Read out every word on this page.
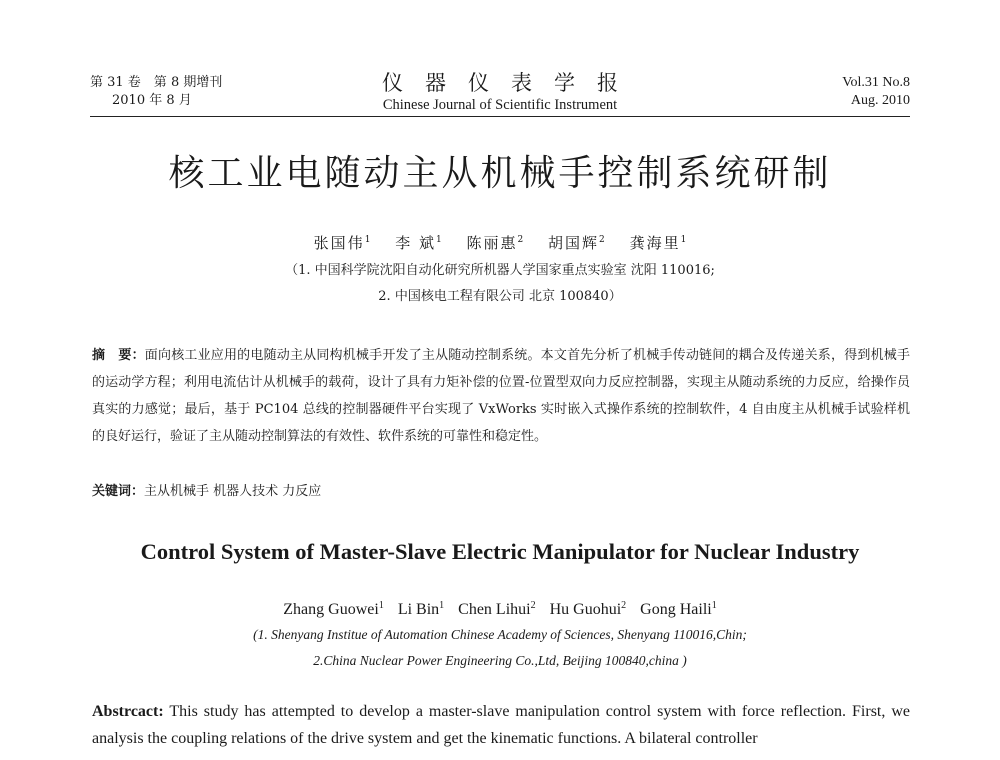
第 31 卷　第 8 期增刊
2010 年 8 月
仪器仪表学报
Chinese Journal of Scientific Instrument
Vol.31 No.8
Aug. 2010
核工业电随动主从机械手控制系统研制
张国伟$^1$ 李 斌$^1$ 陈丽惠$^2$ 胡国辉$^2$ 龚海里$^1$
（1. 中国科学院沈阳自动化研究所机器人学国家重点实验室 沈阳 110016;
2. 中国核电工程有限公司 北京 100840）
摘　要：面向核工业应用的电随动主从同构机械手开发了主从随动控制系统。本文首先分析了机械手传动链间的耦合及传递关系，得到机械手的运动学方程；利用电流估计从机械手的载荷，设计了具有力矩补偿的位置-位置型双向力反应控制器，实现主从随动系统的力反应，给操作员真实的力感觉；最后，基于 PC104 总线的控制器硬件平台实现了 VxWorks 实时嵌入式操作系统的控制软件，4 自由度主从机械手试验样机的良好运行，验证了主从随动控制算法的有效性、软件系统的可靠性和稳定性。
关键词：主从机械手 机器人技术 力反应
Control System of Master-Slave Electric Manipulator for Nuclear Industry
Zhang Guowei$^1$ Li Bin$^1$ Chen Lihui$^2$ Hu Guohui$^2$ Gong Haili$^1$
(1. Shenyang Institue of Automation Chinese Academy of Sciences, Shenyang 110016,Chin;
2.China Nuclear Power Engineering Co.,Ltd, Beijing 100840,china )
Abstrcact: This study has attempted to develop a master-slave manipulation control system with force reflection. First, we analysis the coupling relations of the drive system and get the kinematic functions. A bilateral controller
